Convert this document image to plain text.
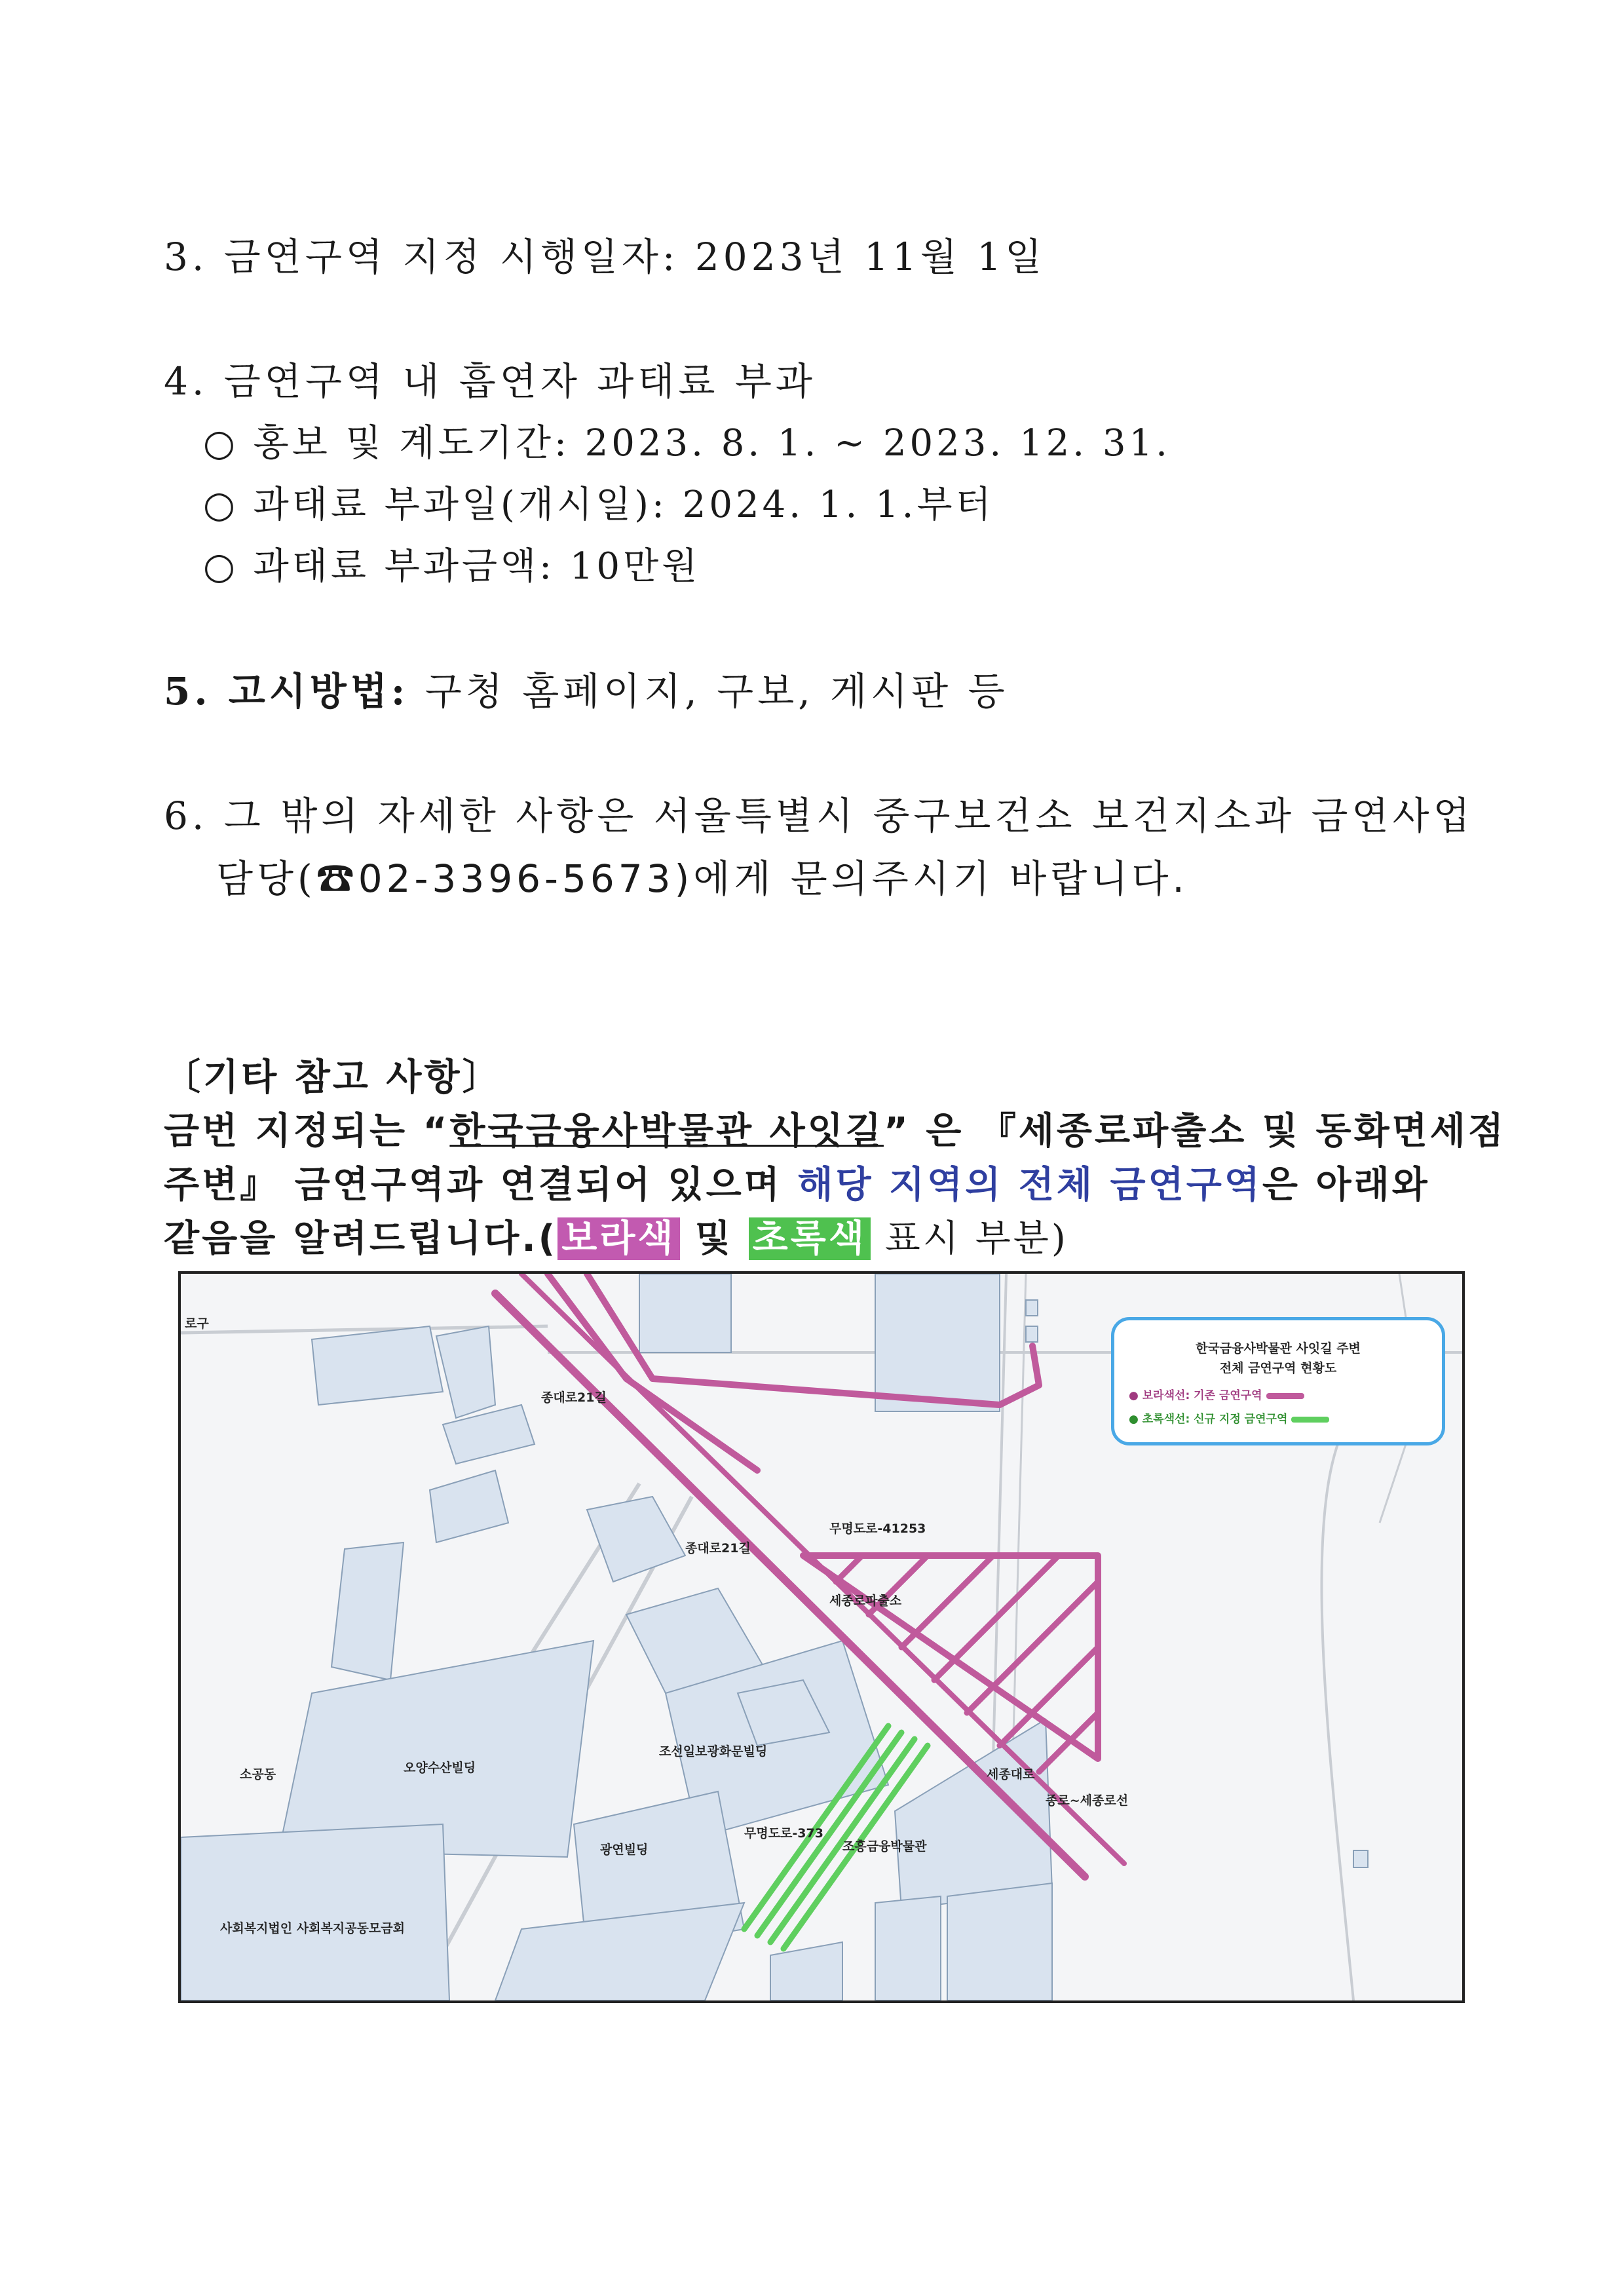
3. 금연구역 지정 시행일자: 2023년 11월 1일
4. 금연구역 내 흡연자 과태료 부과
○ 홍보 및 계도기간: 2023. 8. 1. ~ 2023. 12. 31.
○ 과태료 부과일(개시일): 2024. 1. 1.부터
○ 과태료 부과금액: 10만원
5. 고시방법: 구청 홈페이지, 구보, 게시판 등
6. 그 밖의 자세한 사항은 서울특별시 중구보건소 보건지소과 금연사업
담당(☎02-3396-5673)에게 문의주시기 바랍니다.
〔기타 참고 사항〕
금번 지정되는 “한국금융사박물관 사잇길” 은 『세종로파출소 및 동화면세점
주변』 금연구역과 연결되어 있으며 해당 지역의 전체 금연구역은 아래와
같음을 알려드립니다.( 보라색 및 초록색 표시 부분)
로구
종대로21길
무명도로-41253
종대로21길
세종로파출소
조선일보광화문빌딩
오양수산빌딩
무명도로-373
광연빌딩	조흥금융박물관
세종대로
종로~세종로선
사회복지법인 사회복지공동모금회
소공동
한국금융사박물관 사잇길 주변
전체 금연구역 현황도
● 보라색선: 기존 금연구역
● 초록색선: 신규 지정 금연구역
